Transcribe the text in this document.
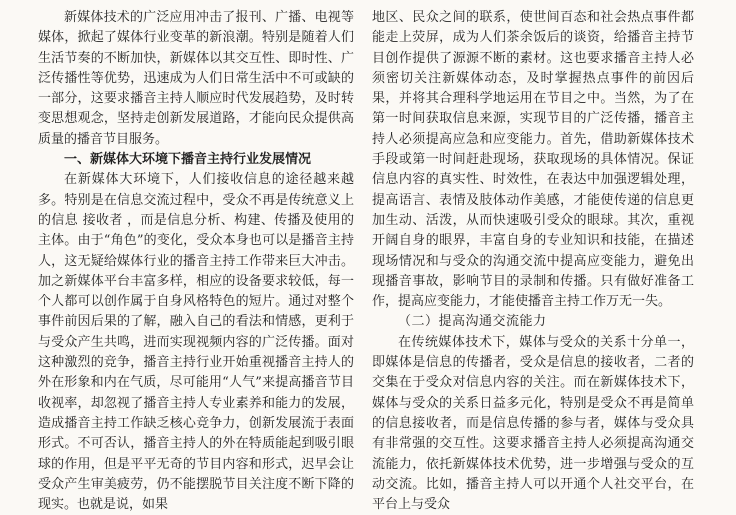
新媒体技术的广泛应用冲击了报刊、广播、电视等媒体，掀起了媒体行业变革的新浪潮。特别是随着人们生活节奏的不断加快，新媒体以其交互性、即时性、广泛传播性等优势，迅速成为人们日常生活中不可或缺的一部分，这要求播音主持人顺应时代发展趋势，及时转变思想观念，坚持走创新发展道路，才能向民众提供高质量的播音节目服务。

一、新媒体大环境下播音主持行业发展情况

在新媒体大环境下，人们接收信息的途径越来越多。特别是在信息交流过程中，受众不再是传统意义上的信息 接收者 ，而是信息分析、构建、传播及使用的主体。由于“角色”的变化，受众本身也可以是播音主持人，这无疑给媒体行业的播音主持工作带来巨大冲击。加之新媒体平台丰富多样，相应的设备要求较低，每一个人都可以创作属于自身风格特色的短片。通过对整个事件前因后果的了解，融入自己的看法和情感，更利于与受众产生共鸣，进而实现视频内容的广泛传播。面对这种激烈的竞争，播音主持行业开始重视播音主持人的外在形象和内在气质，尽可能用“人气”来提高播音节目收视率，却忽视了播音主持人专业素养和能力的发展，造成播音主持工作缺乏核心竞争力，创新发展流于表面形式。不可否认，播音主持人的外在特质能起到吸引眼球的作用，但是平平无奇的节目内容和形式，迟早会让受众产生审美疲劳，仍不能摆脱节目关注度不断下降的现实。也就是说，如果

地区、民众之间的联系，使世间百态和社会热点事件都能走上荧屏，成为人们茶余饭后的谈资，给播音主持节目创作提供了源源不断的素材。这也要求播音主持人必须密切关注新媒体动态，及时掌握热点事件的前因后果，并将其合理科学地运用在节目之中。当然，为了在第一时间获取信息来源，实现节目的广泛传播，播音主持人必须提高应急和应变能力。首先，借助新媒体技术手段或第一时间赶赴现场，获取现场的具体情况。保证信息内容的真实性、时效性，在表达中加强逻辑处理，提高语言、表情及肢体动作美感，才能使传递的信息更加生动、活泼，从而快速吸引受众的眼球。其次，重视开阔自身的眼界，丰富自身的专业知识和技能，在描述现场情况和与受众的沟通交流中提高应变能力，避免出现播音事故，影响节目的录制和传播。只有做好准备工作，提高应变能力，才能使播音主持工作万无一失。

（二）提高沟通交流能力

在传统媒体技术下，媒体与受众的关系十分单一，即媒体是信息的传播者，受众是信息的接收者，二者的交集在于受众对信息内容的关注。而在新媒体技术下，媒体与受众的关系日益多元化，特别是受众不再是简单的信息接收者，而是信息传播的参与者，媒体与受众具有非常强的交互性。这要求播音主持人必须提高沟通交流能力，依托新媒体技术优势，进一步增强与受众的互动交流。比如，播音主持人可以开通个人社交平台，在平台上与受众
